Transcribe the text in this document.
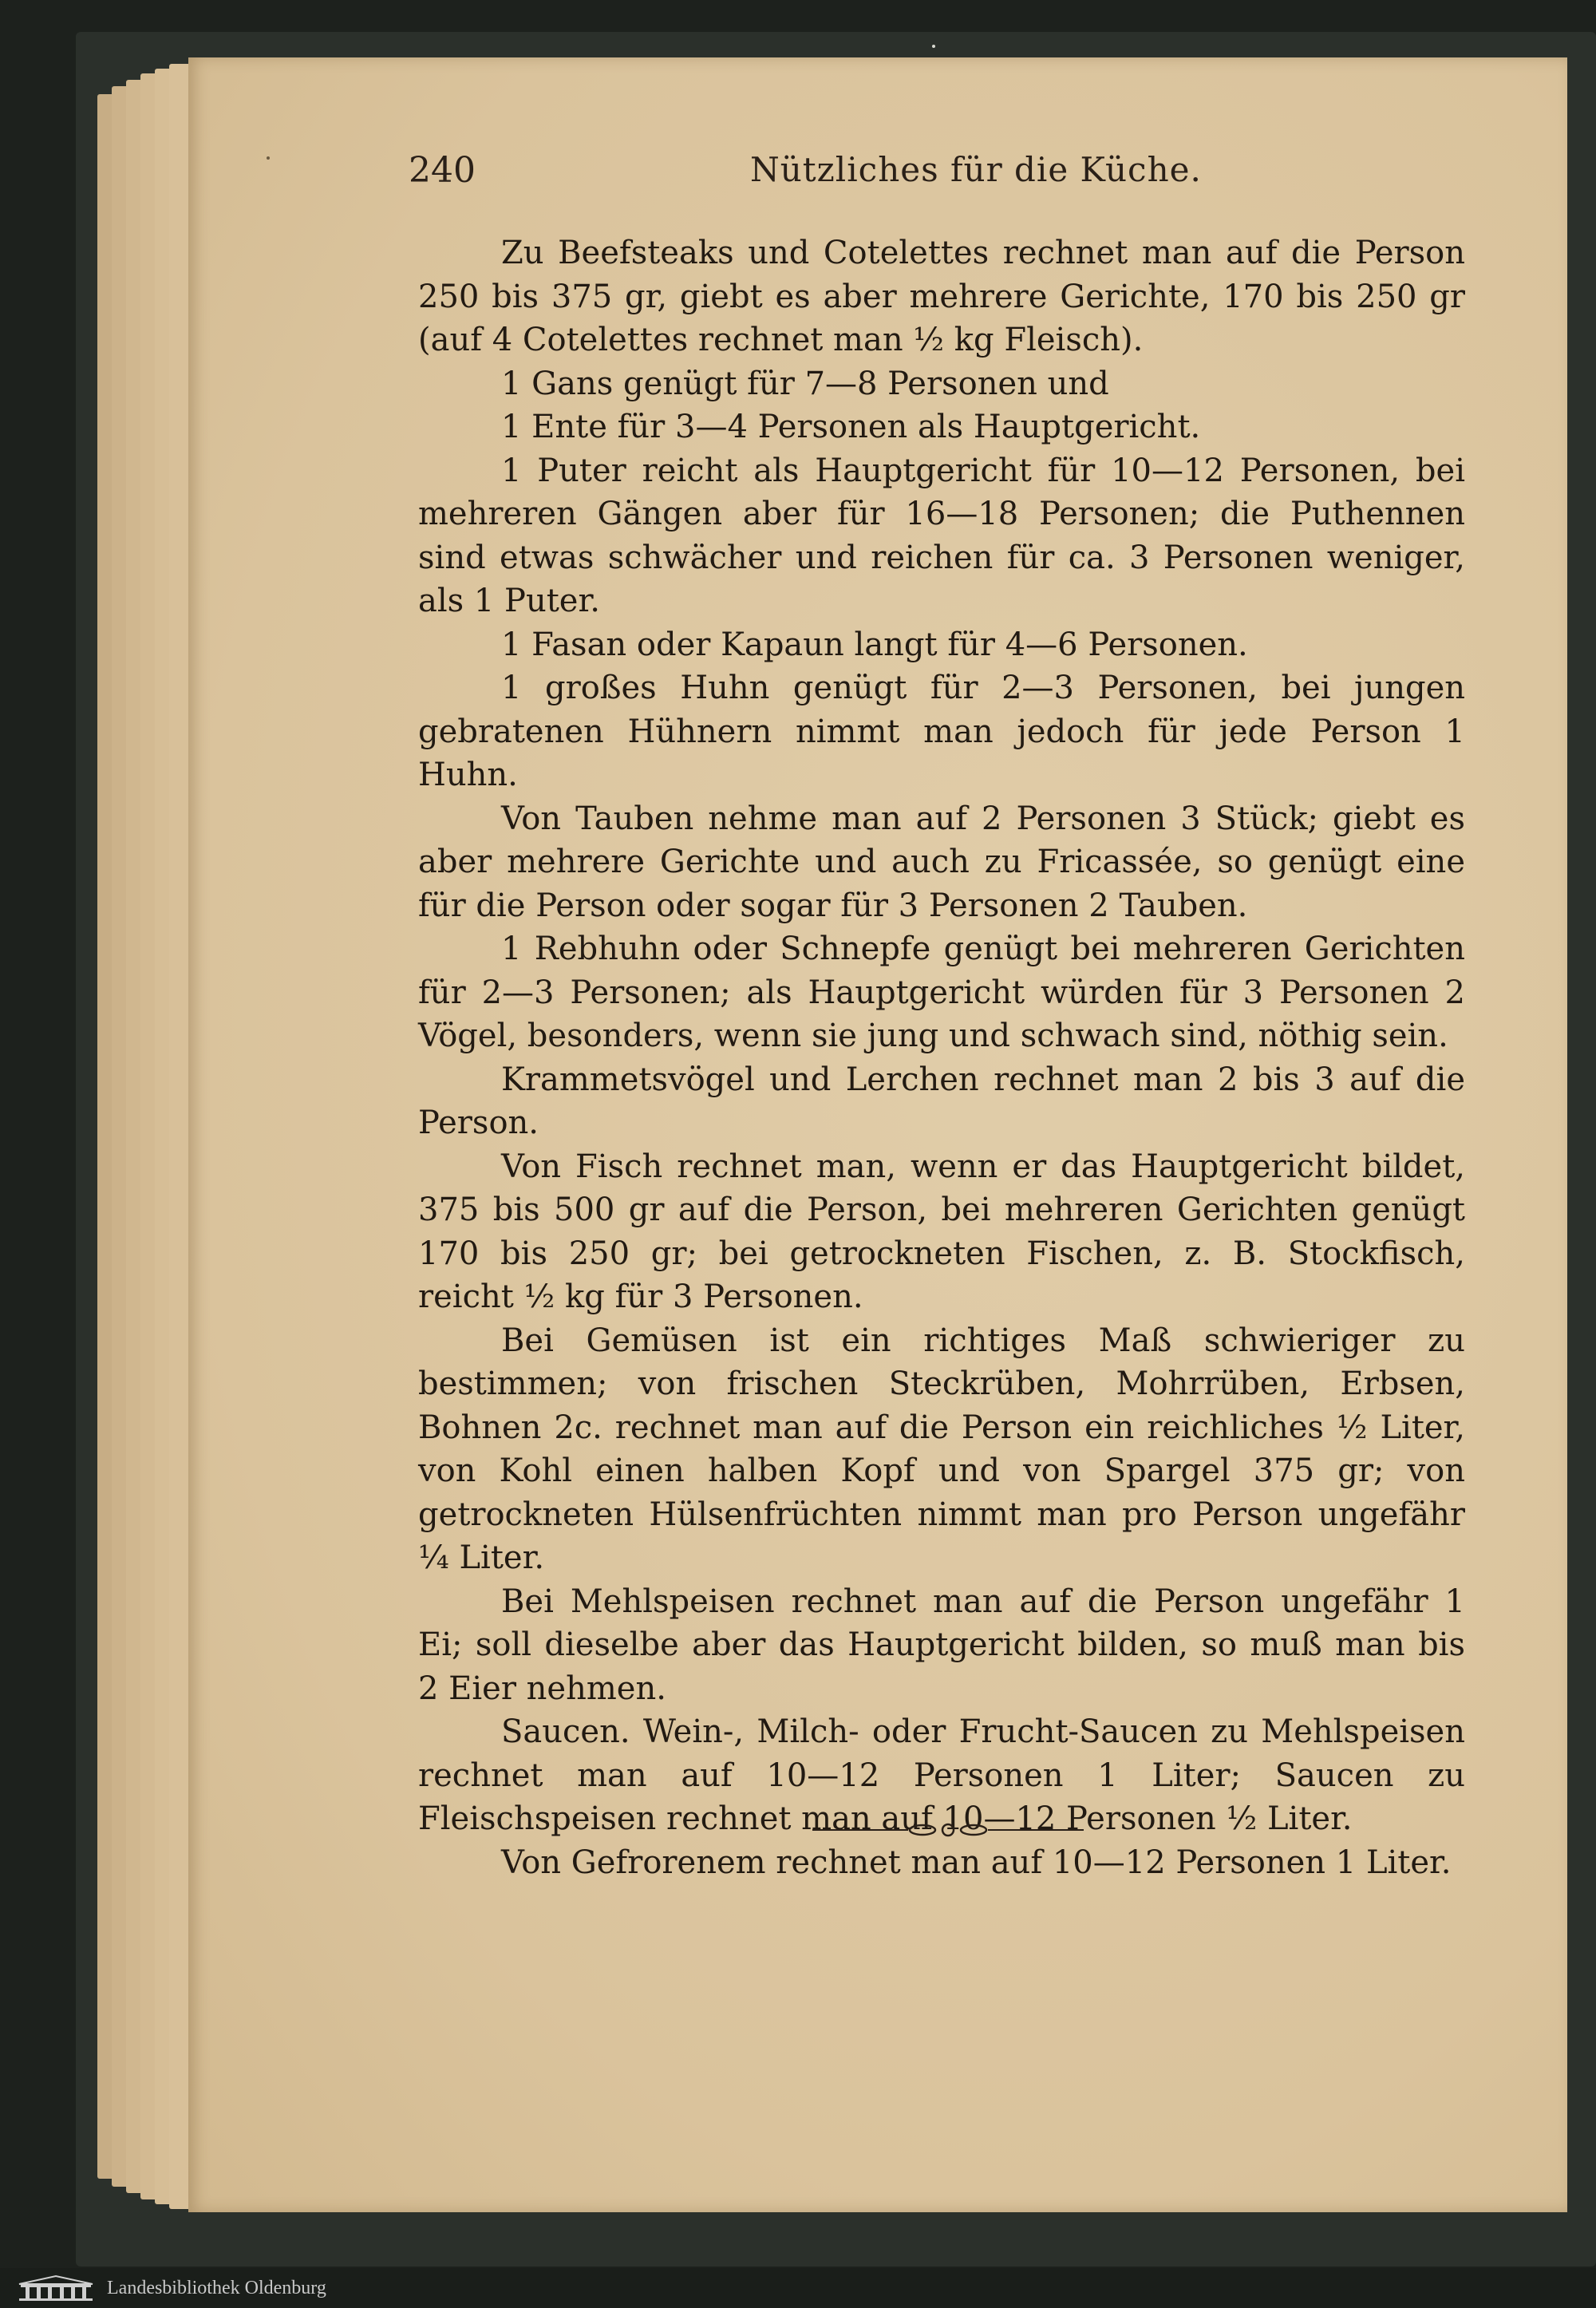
240	Nützliches für die Küche.

Zu Beefsteaks und Cotelettes rechnet man auf die Person 250 bis 375 gr, giebt es aber mehrere Gerichte, 170 bis 250 gr (auf 4 Cotelettes rechnet man ½ kg Fleisch).

1 Gans genügt für 7—8 Personen und

1 Ente für 3—4 Personen als Hauptgericht.

1 Puter reicht als Hauptgericht für 10—12 Personen, bei mehreren Gängen aber für 16—18 Personen; die Puthennen sind etwas schwächer und reichen für ca. 3 Personen weniger, als 1 Puter.

1 Fasan oder Kapaun langt für 4—6 Personen.

1 großes Huhn genügt für 2—3 Personen, bei jungen gebratenen Hühnern nimmt man jedoch für jede Person 1 Huhn.

Von Tauben nehme man auf 2 Personen 3 Stück; giebt es aber mehrere Gerichte und auch zu Fricassée, so genügt eine für die Person oder sogar für 3 Personen 2 Tauben.

1 Rebhuhn oder Schnepfe genügt bei mehreren Gerichten für 2—3 Personen; als Hauptgericht würden für 3 Personen 2 Vögel, besonders, wenn sie jung und schwach sind, nöthig sein.

Krammetsvögel und Lerchen rechnet man 2 bis 3 auf die Person.

Von Fisch rechnet man, wenn er das Hauptgericht bildet, 375 bis 500 gr auf die Person, bei mehreren Gerichten genügt 170 bis 250 gr; bei getrockneten Fischen, z. B. Stockfisch, reicht ½ kg für 3 Personen.

Bei Gemüsen ist ein richtiges Maß schwieriger zu bestimmen; von frischen Steckrüben, Mohrrüben, Erbsen, Bohnen 2c. rechnet man auf die Person ein reichliches ½ Liter, von Kohl einen halben Kopf und von Spargel 375 gr; von getrockneten Hülsenfrüchten nimmt man pro Person ungefähr ¼ Liter.

Bei Mehlspeisen rechnet man auf die Person ungefähr 1 Ei; soll dieselbe aber das Hauptgericht bilden, so muß man bis 2 Eier nehmen.

Saucen. Wein-, Milch- oder Frucht-Saucen zu Mehlspeisen rechnet man auf 10—12 Personen 1 Liter; Saucen zu Fleischspeisen rechnet man auf 10—12 Personen ½ Liter.

Von Gefrorenem rechnet man auf 10—12 Personen 1 Liter.

Landesbibliothek Oldenburg
